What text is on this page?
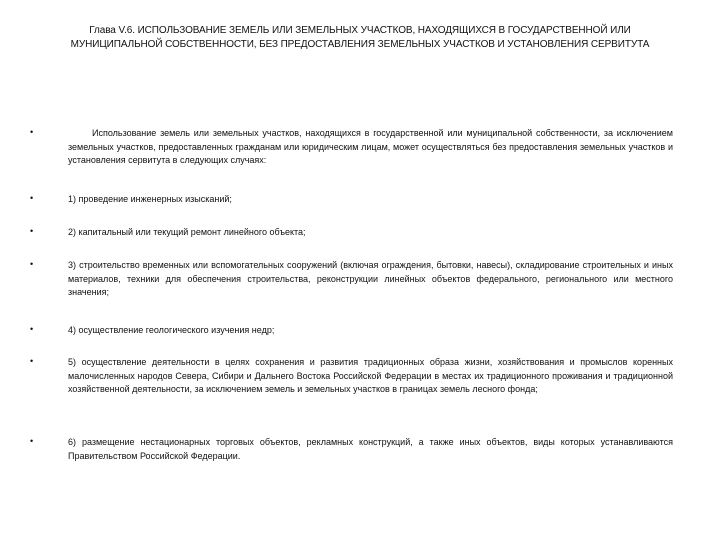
Глава V.6. ИСПОЛЬЗОВАНИЕ ЗЕМЕЛЬ ИЛИ ЗЕМЕЛЬНЫХ УЧАСТКОВ, НАХОДЯЩИХСЯ В ГОСУДАРСТВЕННОЙ ИЛИ
МУНИЦИПАЛЬНОЙ СОБСТВЕННОСТИ, БЕЗ ПРЕДОСТАВЛЕНИЯ ЗЕМЕЛЬНЫХ УЧАСТКОВ И УСТАНОВЛЕНИЯ СЕРВИТУТА
•	Использование земель или земельных участков, находящихся в государственной или муниципальной собственности, за исключением земельных участков, предоставленных гражданам или юридическим лицам, может осуществляться без предоставления земельных участков и установления сервитута в следующих случаях:
•	1) проведение инженерных изысканий;
•	2) капитальный или текущий ремонт линейного объекта;
•	3) строительство временных или вспомогательных сооружений (включая ограждения, бытовки, навесы), складирование строительных и иных материалов, техники для обеспечения строительства, реконструкции линейных объектов федерального, регионального или местного значения;
•	4) осуществление геологического изучения недр;
•	5) осуществление деятельности в целях сохранения и развития традиционных образа жизни, хозяйствования и промыслов коренных малочисленных народов Севера, Сибири и Дальнего Востока Российской Федерации в местах их традиционного проживания и традиционной хозяйственной деятельности, за исключением земель и земельных участков в границах земель лесного фонда;
•	6) размещение нестационарных торговых объектов, рекламных конструкций, а также иных объектов, виды которых устанавливаются Правительством Российской Федерации.
